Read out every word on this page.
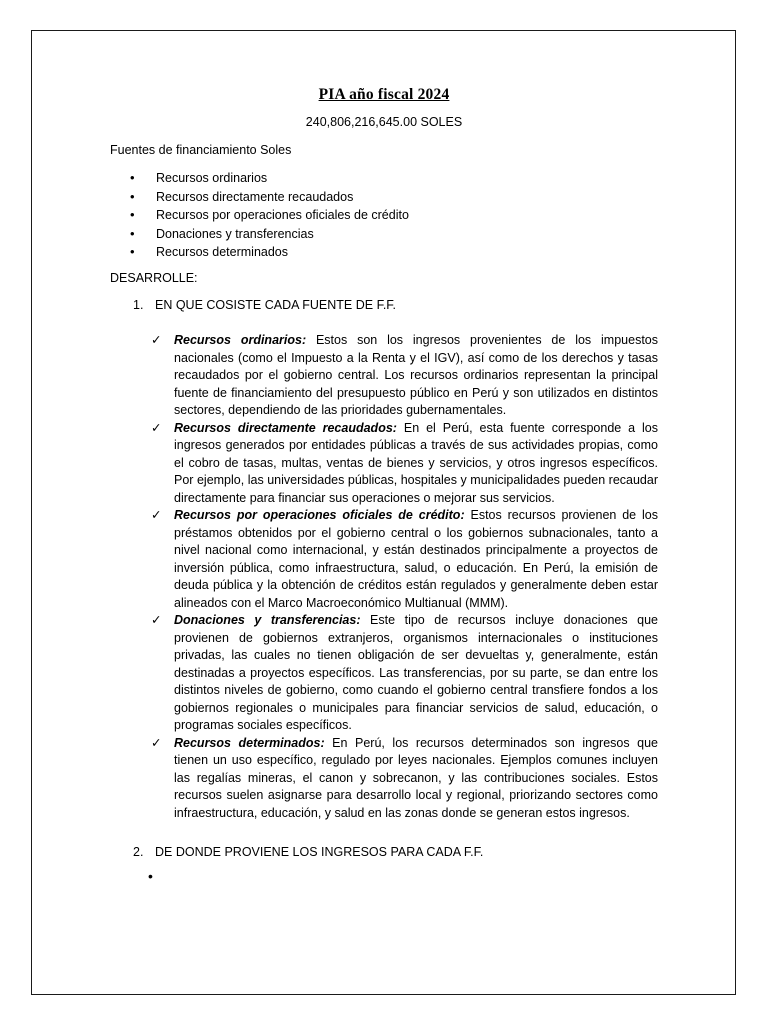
PIA año fiscal 2024
240,806,216,645.00 SOLES
Fuentes de financiamiento Soles
• Recursos ordinarios
• Recursos directamente recaudados
• Recursos por operaciones oficiales de crédito
• Donaciones y transferencias
• Recursos determinados
DESARROLLE:
1. EN QUE COSISTE CADA FUENTE DE F.F.
✓ Recursos ordinarios: Estos son los ingresos provenientes de los impuestos nacionales (como el Impuesto a la Renta y el IGV), así como de los derechos y tasas recaudados por el gobierno central. Los recursos ordinarios representan la principal fuente de financiamiento del presupuesto público en Perú y son utilizados en distintos sectores, dependiendo de las prioridades gubernamentales.
✓ Recursos directamente recaudados: En el Perú, esta fuente corresponde a los ingresos generados por entidades públicas a través de sus actividades propias, como el cobro de tasas, multas, ventas de bienes y servicios, y otros ingresos específicos. Por ejemplo, las universidades públicas, hospitales y municipalidades pueden recaudar directamente para financiar sus operaciones o mejorar sus servicios.
✓ Recursos por operaciones oficiales de crédito: Estos recursos provienen de los préstamos obtenidos por el gobierno central o los gobiernos subnacionales, tanto a nivel nacional como internacional, y están destinados principalmente a proyectos de inversión pública, como infraestructura, salud, o educación. En Perú, la emisión de deuda pública y la obtención de créditos están regulados y generalmente deben estar alineados con el Marco Macroeconómico Multianual (MMM).
✓ Donaciones y transferencias: Este tipo de recursos incluye donaciones que provienen de gobiernos extranjeros, organismos internacionales o instituciones privadas, las cuales no tienen obligación de ser devueltas y, generalmente, están destinadas a proyectos específicos. Las transferencias, por su parte, se dan entre los distintos niveles de gobierno, como cuando el gobierno central transfiere fondos a los gobiernos regionales o municipales para financiar servicios de salud, educación, o programas sociales específicos.
✓ Recursos determinados: En Perú, los recursos determinados son ingresos que tienen un uso específico, regulado por leyes nacionales. Ejemplos comunes incluyen las regalías mineras, el canon y sobrecanon, y las contribuciones sociales. Estos recursos suelen asignarse para desarrollo local y regional, priorizando sectores como infraestructura, educación, y salud en las zonas donde se generan estos ingresos.
2. DE DONDE PROVIENE LOS INGRESOS PARA CADA F.F.
•
